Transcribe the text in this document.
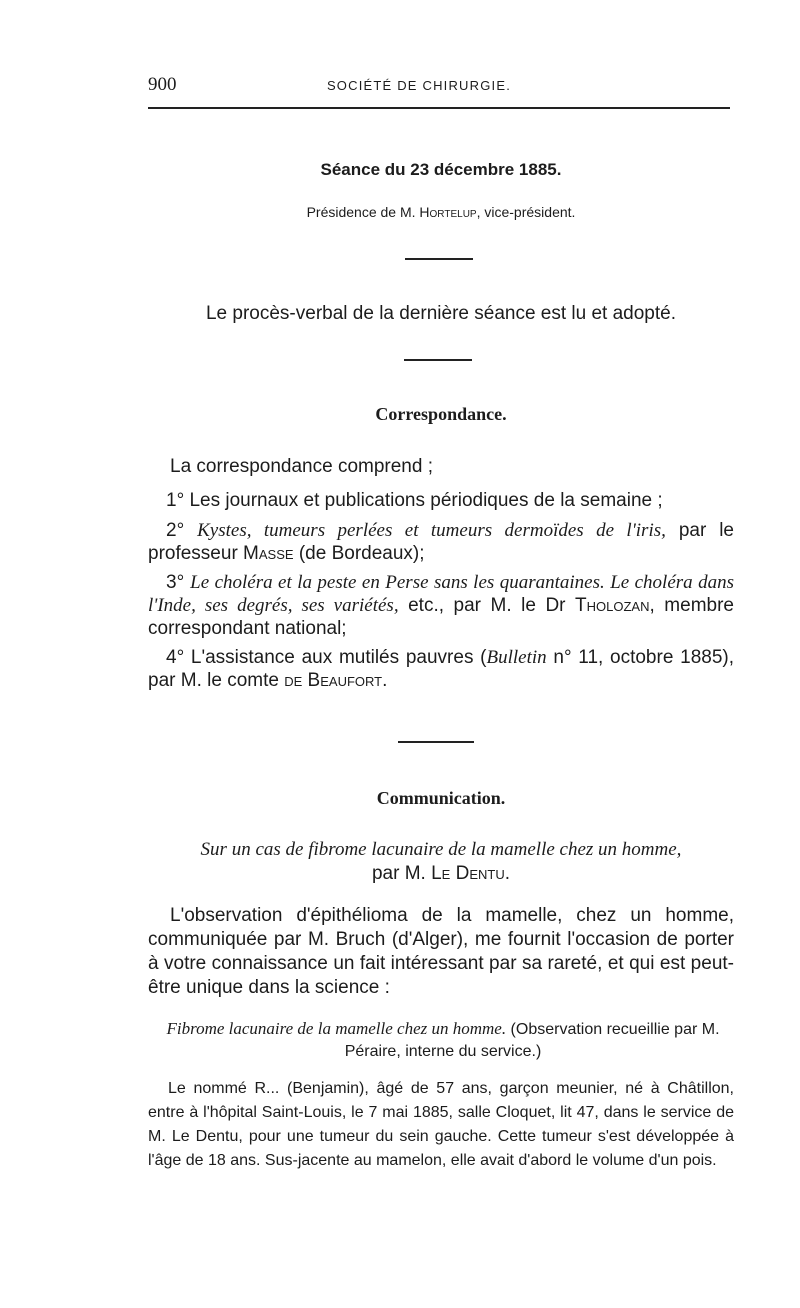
900	SOCIÉTÉ DE CHIRURGIE.
Séance du 23 décembre 1885.
Présidence de M. Hortelup, vice-président.
Le procès-verbal de la dernière séance est lu et adopté.
Correspondance.

La correspondance comprend ;

1° Les journaux et publications périodiques de la semaine ;

2° Kystes, tumeurs perlées et tumeurs dermoïdes de l'iris, par le professeur Masse (de Bordeaux);

3° Le choléra et la peste en Perse sans les quarantaines. Le choléra dans l'Inde, ses degrés, ses variétés, etc., par M. le Dr Tholozan, membre correspondant national;

4° L'assistance aux mutilés pauvres (Bulletin n° 11, octobre 1885), par M. le comte de Beaufort.

Communication.
Sur un cas de fibrome lacunaire de la mamelle chez un homme,
par M. Le Dentu.

L'observation d'épithélioma de la mamelle, chez un homme, communiquée par M. Bruch (d'Alger), me fournit l'occasion de porter à votre connaissance un fait intéressant par sa rareté, et qui est peut-être unique dans la science :

Fibrome lacunaire de la mamelle chez un homme. (Observation recueillie par M. Péraire, interne du service.)

Le nommé R... (Benjamin), âgé de 57 ans, garçon meunier, né à Châtillon, entre à l'hôpital Saint-Louis, le 7 mai 1885, salle Cloquet, lit 47, dans le service de M. Le Dentu, pour une tumeur du sein gauche. Cette tumeur s'est développée à l'âge de 18 ans. Sus-jacente au mamelon, elle avait d'abord le volume d'un pois.
